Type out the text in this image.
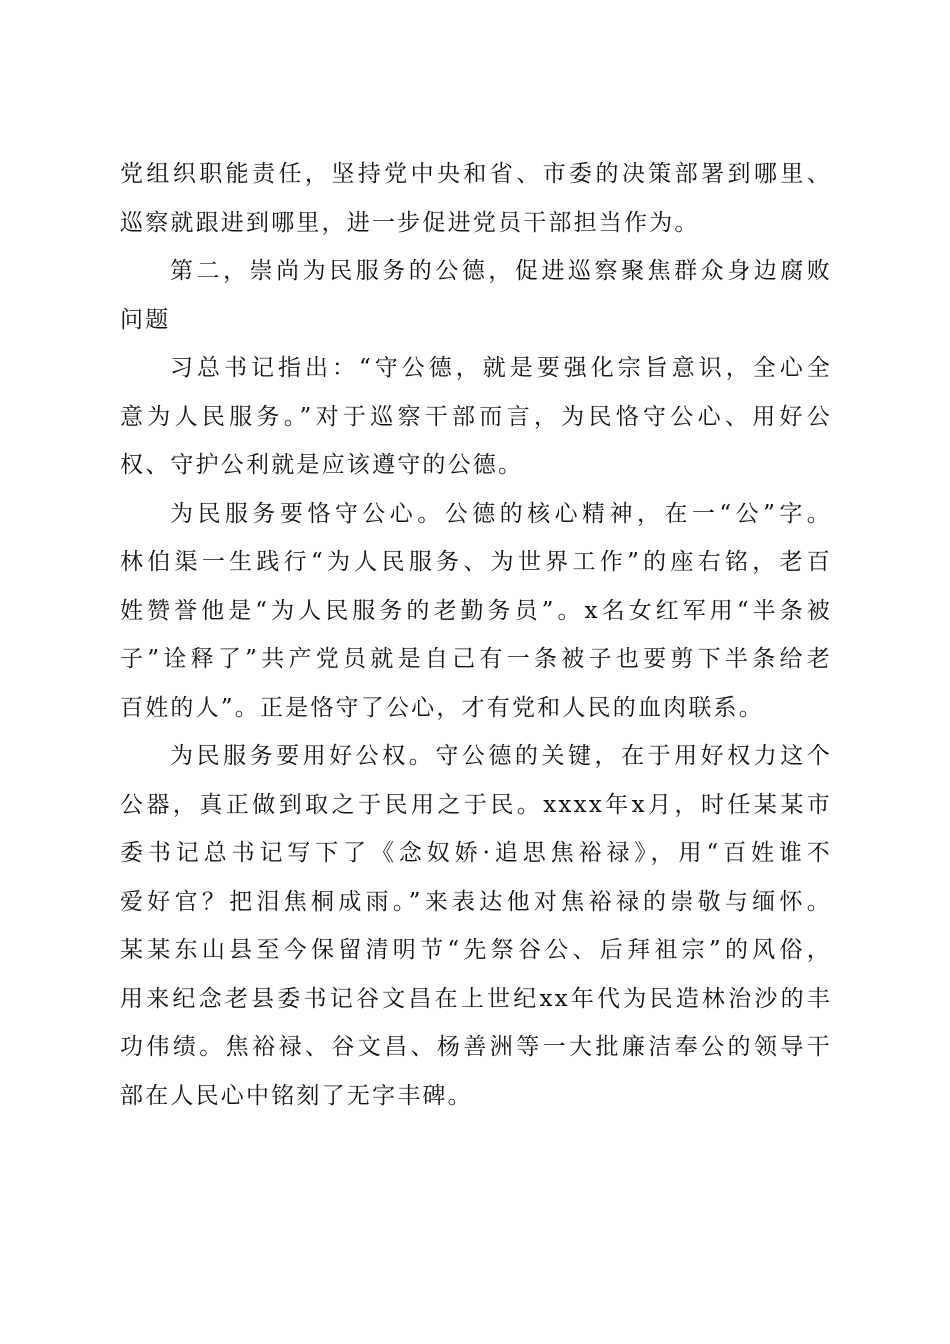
党组织职能责任，坚持党中央和省、市委的决策部署到哪里、
巡察就跟进到哪里，进一步促进党员干部担当作为。

第二，崇尚为民服务的公德，促进巡察聚焦群众身边腐败
问题

习总书记指出：“守公德，就是要强化宗旨意识，全心全
意为人民服务。”对于巡察干部而言，为民恪守公心、用好公
权、守护公利就是应该遵守的公德。

为民服务要恪守公心。公德的核心精神，在一“公”字。
林伯渠一生践行“为人民服务、为世界工作”的座右铭，老百
姓赞誉他是“为人民服务的老勤务员”。x名女红军用“半条被
子”诠释了”共产党员就是自己有一条被子也要剪下半条给老
百姓的人”。正是恪守了公心，才有党和人民的血肉联系。

为民服务要用好公权。守公德的关键，在于用好权力这个
公器，真正做到取之于民用之于民。xxxx年x月，时任某某市
委书记总书记写下了《念奴娇·追思焦裕禄》，用“百姓谁不
爱好官？把泪焦桐成雨。”来表达他对焦裕禄的崇敬与缅怀。
某某东山县至今保留清明节“先祭谷公、后拜祖宗”的风俗，
用来纪念老县委书记谷文昌在上世纪xx年代为民造林治沙的丰
功伟绩。焦裕禄、谷文昌、杨善洲等一大批廉洁奉公的领导干
部在人民心中铭刻了无字丰碑。
